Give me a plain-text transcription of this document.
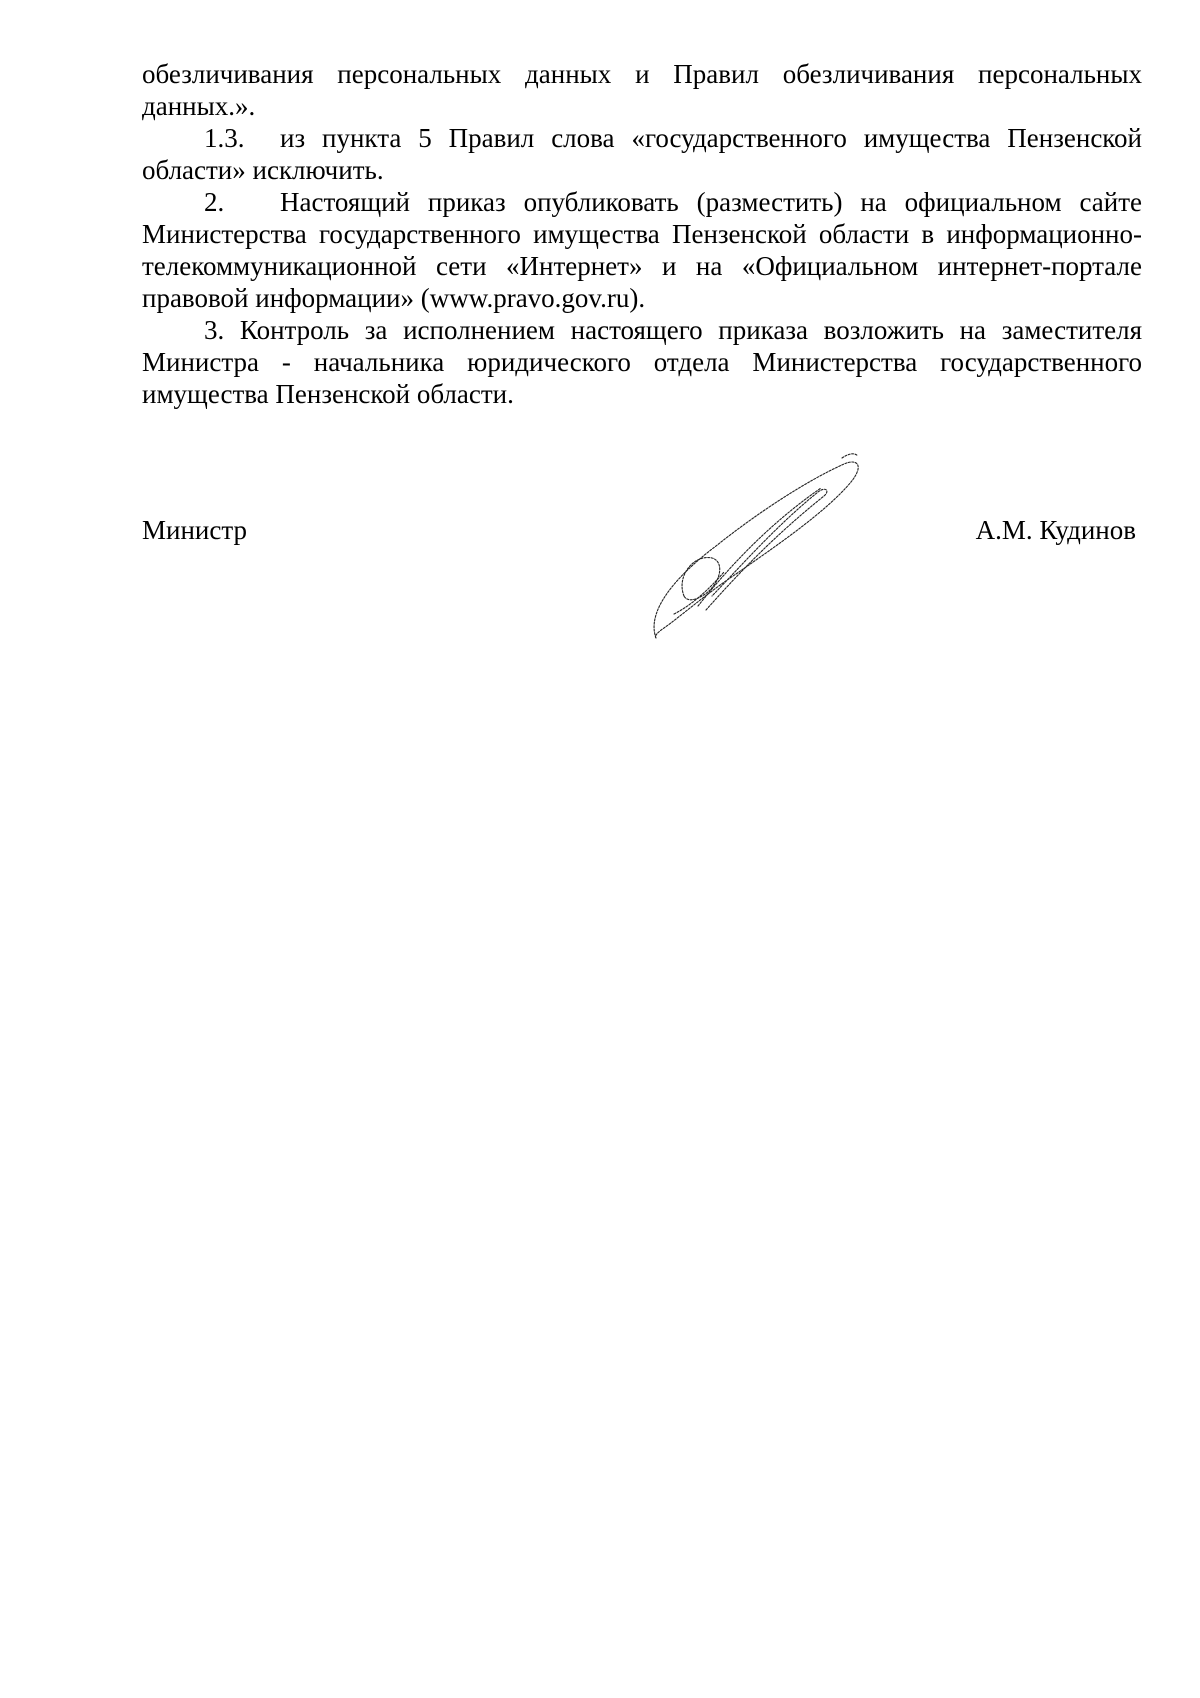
обезличивания персональных данных и Правил обезличивания персональных данных.».

1.3. из пункта 5 Правил слова «государственного имущества Пензенской области» исключить.

2. Настоящий приказ опубликовать (разместить) на официальном сайте Министерства государственного имущества Пензенской области в информационно-телекоммуникационной сети «Интернет» и на «Официальном интернет-портале правовой информации» (www.pravo.gov.ru).

3. Контроль за исполнением настоящего приказа возложить на заместителя Министра - начальника юридического отдела Министерства государственного имущества Пензенской области.

Министр	А.М. Кудинов
